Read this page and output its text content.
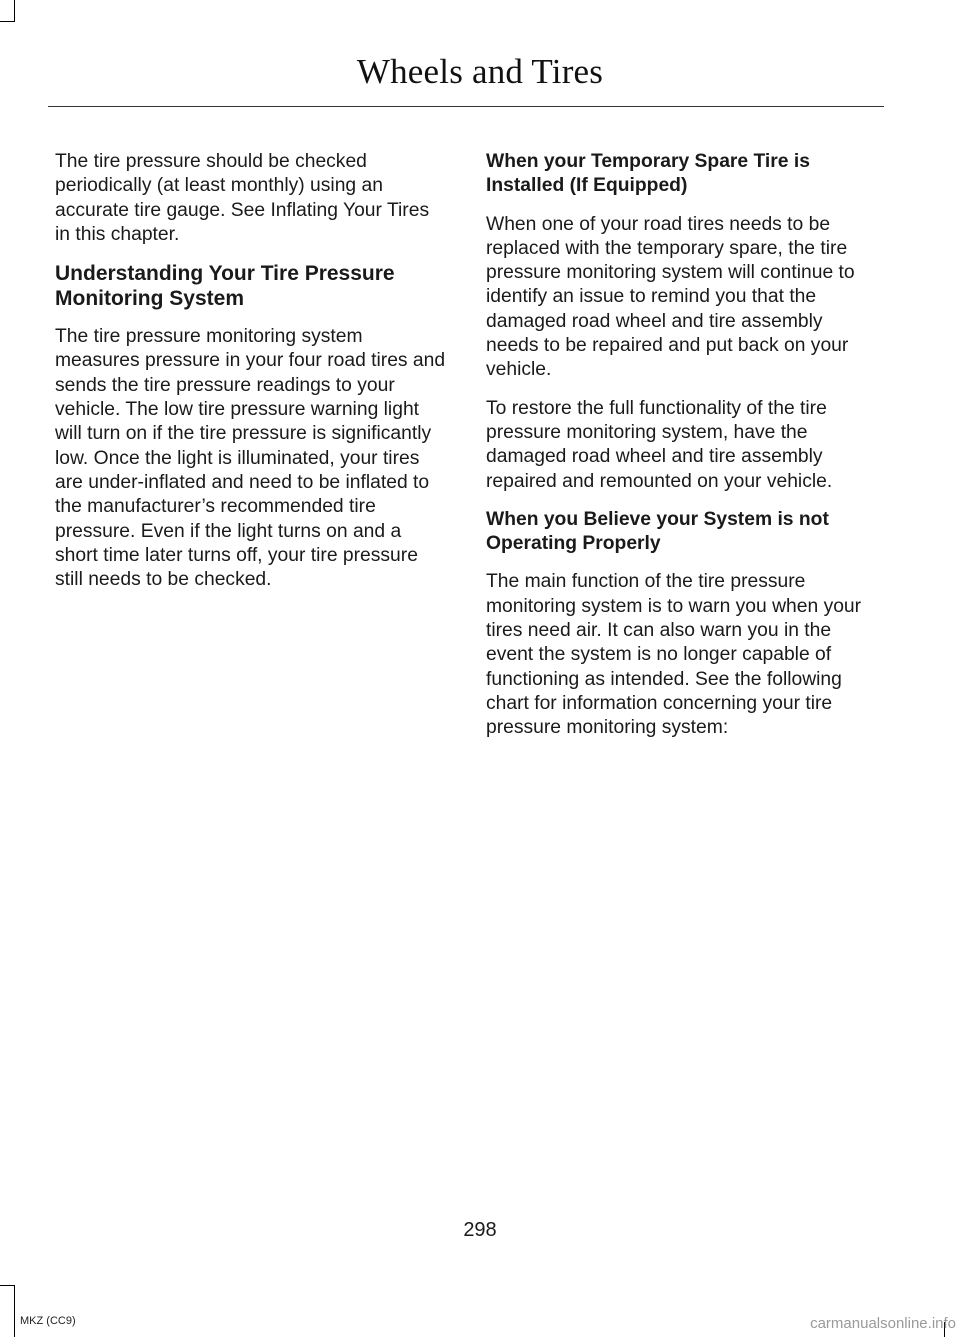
Wheels and Tires

The tire pressure should be checked periodically (at least monthly) using an accurate tire gauge. See Inflating Your Tires in this chapter.

Understanding Your Tire Pressure Monitoring System

The tire pressure monitoring system measures pressure in your four road tires and sends the tire pressure readings to your vehicle. The low tire pressure warning light will turn on if the tire pressure is significantly low. Once the light is illuminated, your tires are under-inflated and need to be inflated to the manufacturer’s recommended tire pressure. Even if the light turns on and a short time later turns off, your tire pressure still needs to be checked.

When your Temporary Spare Tire is Installed (If Equipped)

When one of your road tires needs to be replaced with the temporary spare, the tire pressure monitoring system will continue to identify an issue to remind you that the damaged road wheel and tire assembly needs to be repaired and put back on your vehicle.

To restore the full functionality of the tire pressure monitoring system, have the damaged road wheel and tire assembly repaired and remounted on your vehicle.

When you Believe your System is not Operating Properly

The main function of the tire pressure monitoring system is to warn you when your tires need air. It can also warn you in the event the system is no longer capable of functioning as intended. See the following chart for information concerning your tire pressure monitoring system:

298
MKZ (CC9)	carmanualsonline.info
